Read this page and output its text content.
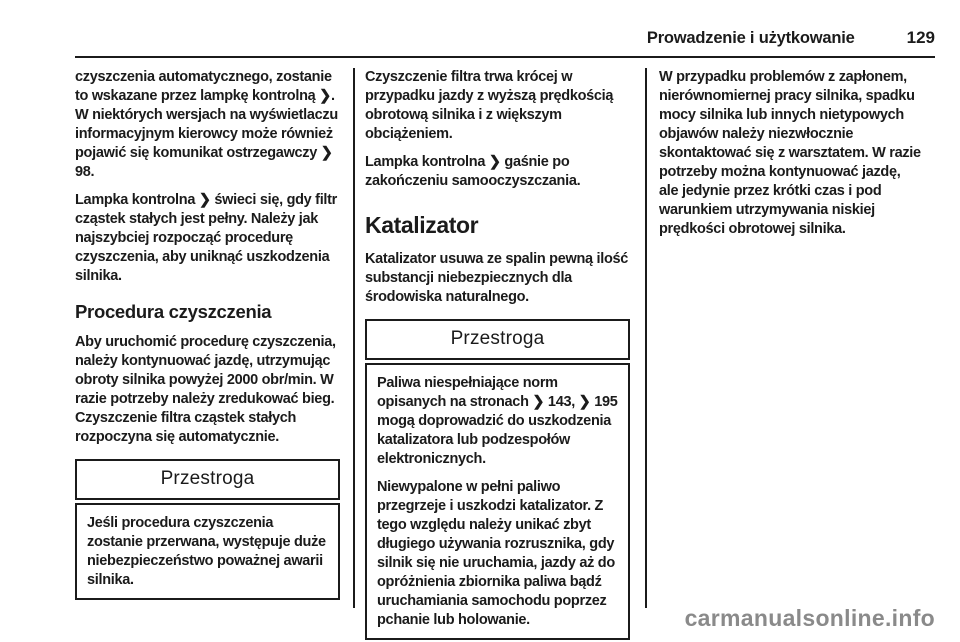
Prowadzenie i użytkowanie	129

czyszczenia automatycznego, zostanie to wskazane przez lampkę kontrolną ❯. W niektórych wersjach na wyświetlaczu informacyjnym kierowcy może również pojawić się komunikat ostrzegawczy ❯ 98.

Lampka kontrolna ❯ świeci się, gdy filtr cząstek stałych jest pełny. Należy jak najszybciej rozpocząć procedurę czyszczenia, aby uniknąć uszkodzenia silnika.

Procedura czyszczenia

Aby uruchomić procedurę czyszczenia, należy kontynuować jazdę, utrzymując obroty silnika powyżej 2000 obr/min. W razie potrzeby należy zredukować bieg. Czyszczenie filtra cząstek stałych rozpoczyna się automatycznie.

Przestroga

Jeśli procedura czyszczenia zostanie przerwana, występuje duże niebezpieczeństwo poważnej awarii silnika.

Czyszczenie filtra trwa krócej w przypadku jazdy z wyższą prędkością obrotową silnika i z większym obciążeniem.

Lampka kontrolna ❯ gaśnie po zakończeniu samooczyszczania.

Katalizator

Katalizator usuwa ze spalin pewną ilość substancji niebezpiecznych dla środowiska naturalnego.

Przestroga

Paliwa niespełniające norm opisanych na stronach ❯ 143, ❯ 195 mogą doprowadzić do uszkodzenia katalizatora lub podzespołów elektronicznych.

Niewypalone w pełni paliwo przegrzeje i uszkodzi katalizator. Z tego względu należy unikać zbyt długiego używania rozrusznika, gdy silnik się nie uruchamia, jazdy aż do opróżnienia zbiornika paliwa bądź uruchamiania samochodu poprzez pchanie lub holowanie.

W przypadku problemów z zapłonem, nierównomiernej pracy silnika, spadku mocy silnika lub innych nietypowych objawów należy niezwłocznie skontaktować się z warsztatem. W razie potrzeby można kontynuować jazdę, ale jedynie przez krótki czas i pod warunkiem utrzymywania niskiej prędkości obrotowej silnika.

carmanualsonline.info
